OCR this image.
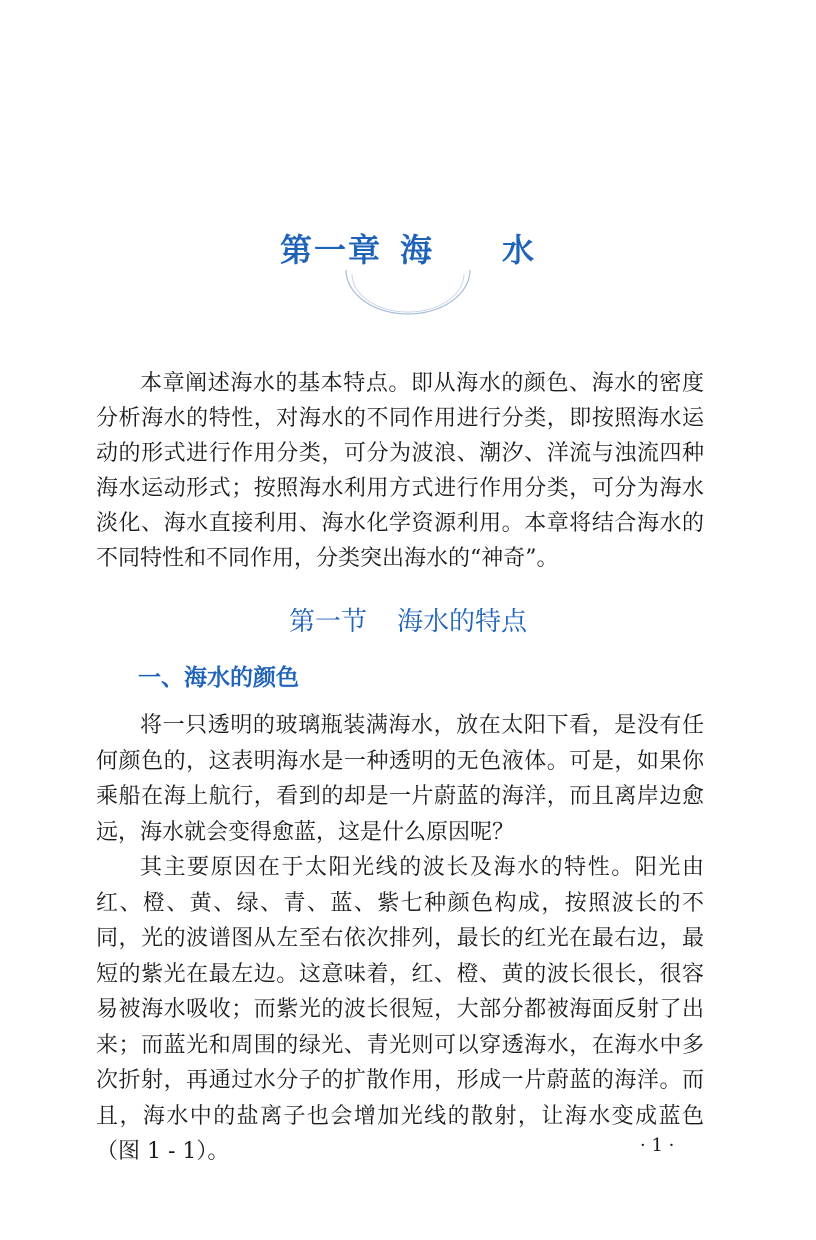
第一章 海水

本章阐述海水的基本特点。即从海水的颜色、海水的密度分析海水的特性，对海水的不同作用进行分类，即按照海水运动的形式进行作用分类，可分为波浪、潮汐、洋流与浊流四种海水运动形式；按照海水利用方式进行作用分类，可分为海水淡化、海水直接利用、海水化学资源利用。本章将结合海水的不同特性和不同作用，分类突出海水的“神奇”。

第一节 海水的特点
一、海水的颜色

将一只透明的玻璃瓶装满海水，放在太阳下看，是没有任何颜色的，这表明海水是一种透明的无色液体。可是，如果你乘船在海上航行，看到的却是一片蔚蓝的海洋，而且离岸边愈远，海水就会变得愈蓝，这是什么原因呢？

其主要原因在于太阳光线的波长及海水的特性。阳光由红、橙、黄、绿、青、蓝、紫七种颜色构成，按照波长的不同，光的波谱图从左至右依次排列，最长的红光在最右边，最短的紫光在最左边。这意味着，红、橙、黄的波长很长，很容易被海水吸收；而紫光的波长很短，大部分都被海面反射了出来；而蓝光和周围的绿光、青光则可以穿透海水，在海水中多次折射，再通过水分子的扩散作用，形成一片蔚蓝的海洋。而且，海水中的盐离子也会增加光线的散射，让海水变成蓝色（图 1 - 1）。	· 1 ·
